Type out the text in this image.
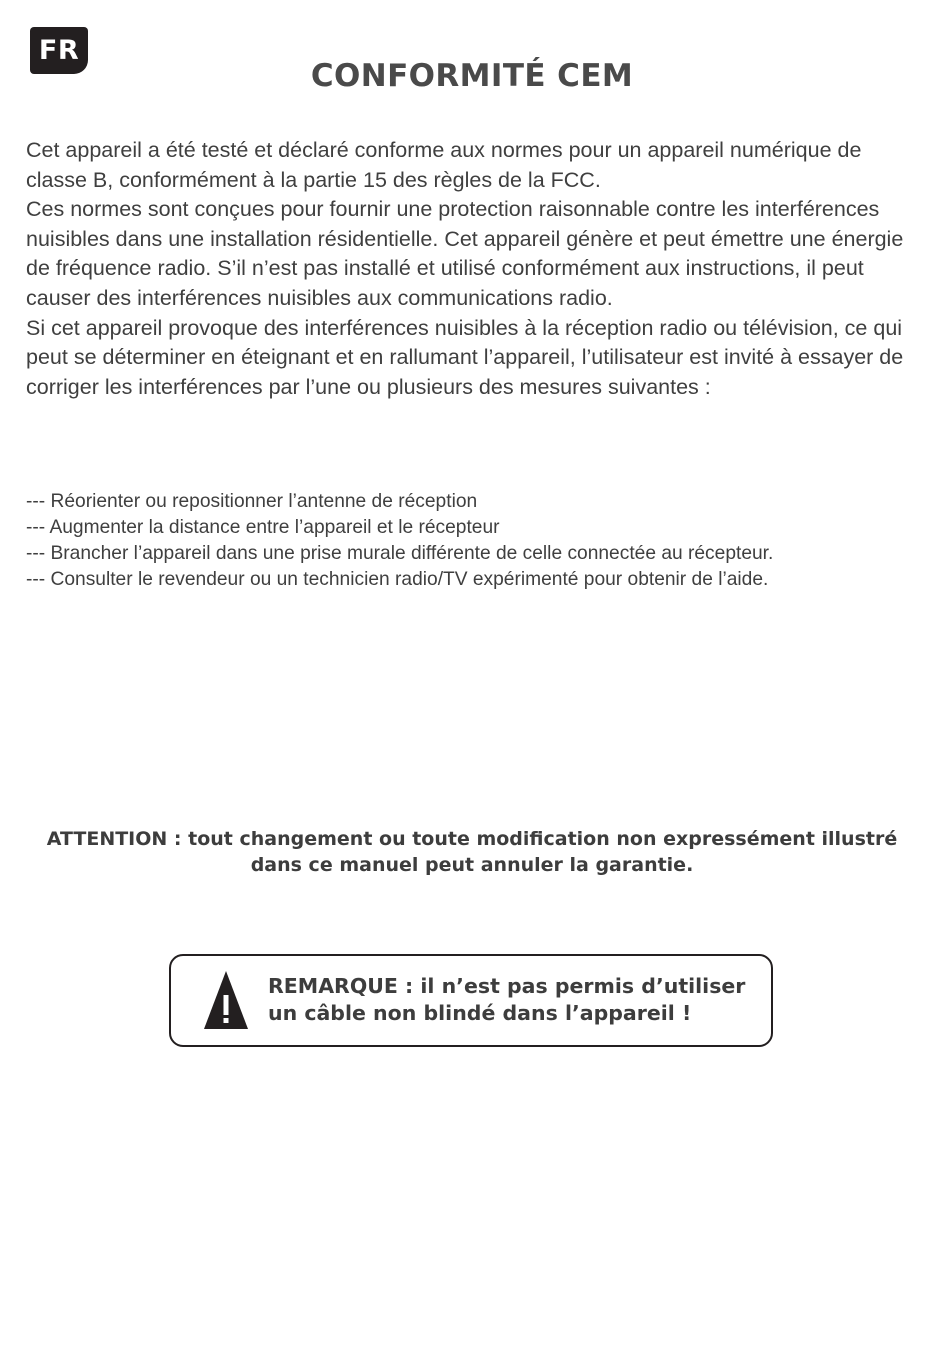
FR
CONFORMITÉ CEM

Cet appareil a été testé et déclaré conforme aux normes pour un appareil numérique de classe B, conformément à la partie 15 des règles de la FCC.

Ces normes sont conçues pour fournir une protection raisonnable contre les interférences nuisibles dans une installation résidentielle. Cet appareil génère et peut émettre une énergie de fréquence radio. S’il n’est pas installé et utilisé conformément aux instructions, il peut causer des interférences nuisibles aux communications radio.

Si cet appareil provoque des interférences nuisibles à la réception radio ou télévision, ce qui peut se déterminer en éteignant et en rallumant l’appareil, l’utilisateur est invité à essayer de corriger les interférences par l’une ou plusieurs des mesures suivantes :

--- Réorienter ou repositionner l’antenne de réception
--- Augmenter la distance entre l’appareil et le récepteur
--- Brancher l’appareil dans une prise murale différente de celle connectée au récepteur.
--- Consulter le revendeur ou un technicien radio/TV expérimenté pour obtenir de l’aide.

ATTENTION : tout changement ou toute modification non expressément illustré dans ce manuel peut annuler la garantie.

REMARQUE : il n’est pas permis d’utiliser un câble non blindé dans l’appareil !
